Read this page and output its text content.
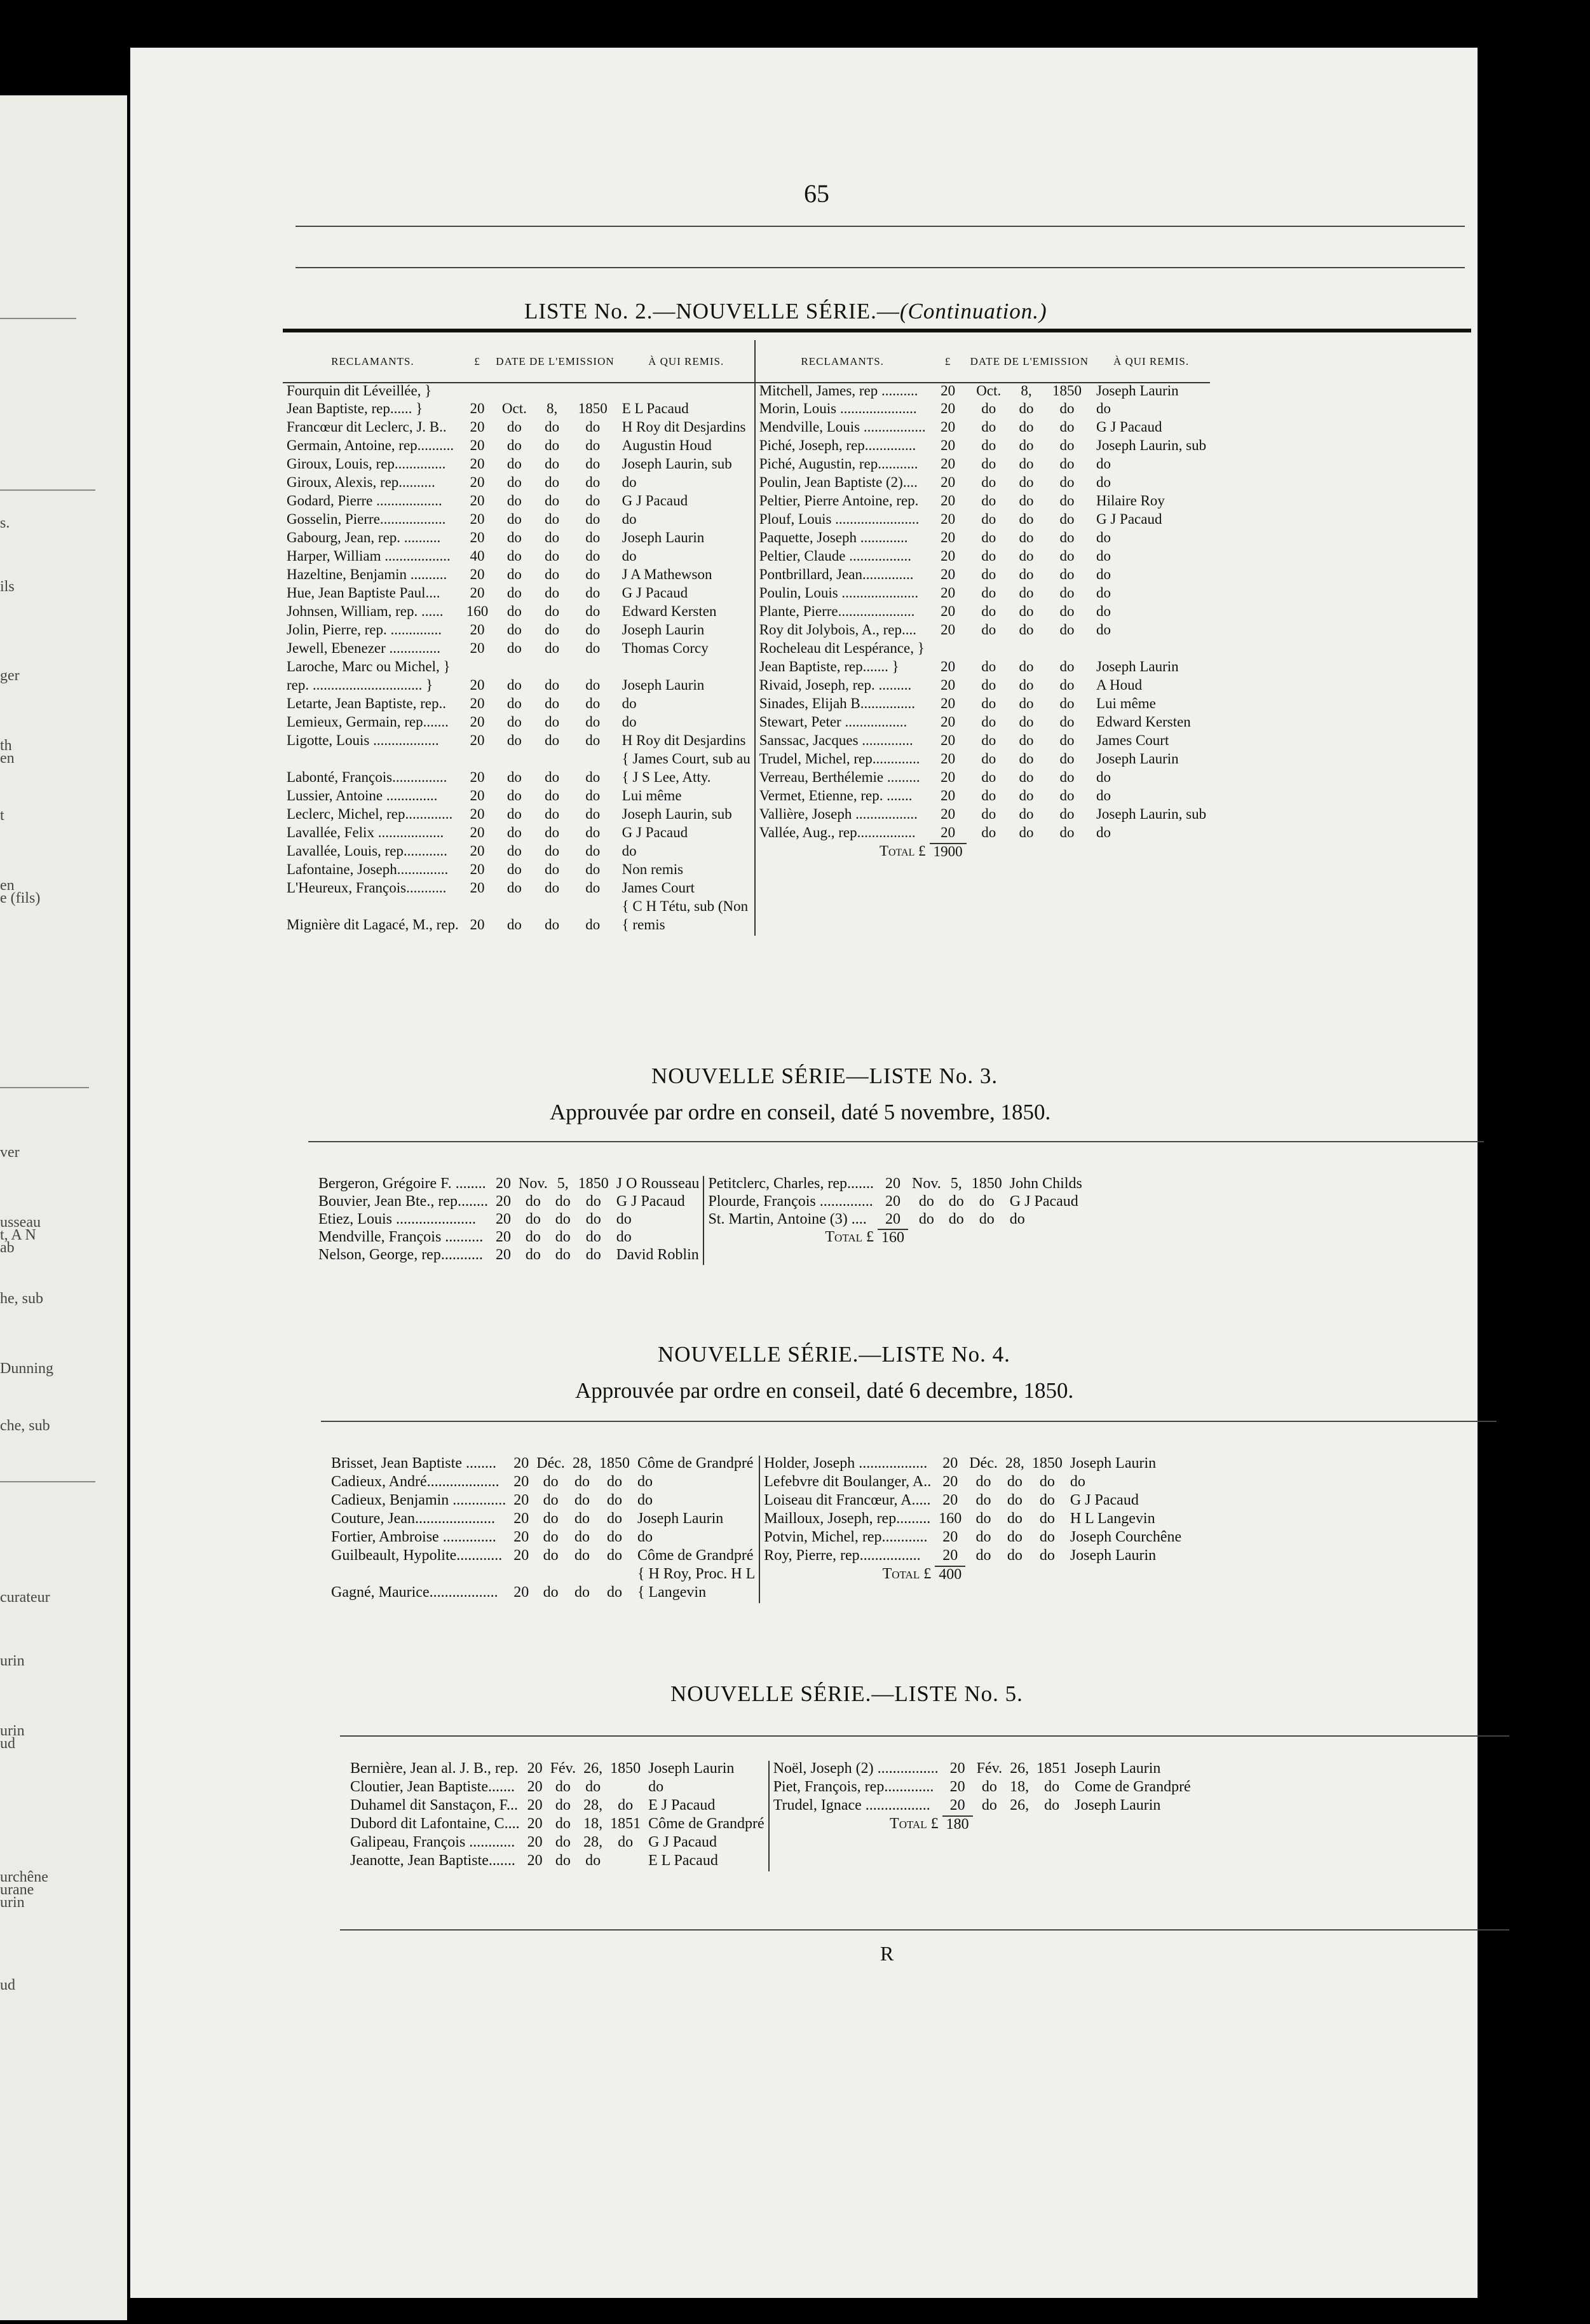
s.
ils
ger
th
en
t
en
e (fils)
ver
usseau
t, A N
ab
he, sub
Dunning
che, sub
curateur
urin
urin
ud
urchêne
urane
urin
ud
65
LISTE No. 2.—NOUVELLE SÉRIE.—(Continuation.)
RECLAMANTS.	£	DATE DE L'EMISSION			À QUI REMIS.	RECLAMANTS.	£	DATE DE L'EMISSION			À QUI REMIS.
Fourquin dit Léveillée, }						Mitchell, James, rep ..........	20	Oct.	8,	1850	Joseph Laurin
Jean Baptiste, rep...... }	20	Oct.	8,	1850	E L Pacaud	Morin, Louis .....................	20	do	do	do	do
Francœur dit Leclerc, J. B..	20	do	do	do	H Roy dit Desjardins	Mendville, Louis .................	20	do	do	do	G J Pacaud
Germain, Antoine, rep..........	20	do	do	do	Augustin Houd	Piché, Joseph, rep..............	20	do	do	do	Joseph Laurin, sub
Giroux, Louis, rep..............	20	do	do	do	Joseph Laurin, sub	Piché, Augustin, rep...........	20	do	do	do	do
Giroux, Alexis, rep..........	20	do	do	do	do	Poulin, Jean Baptiste (2)....	20	do	do	do	do
Godard, Pierre ..................	20	do	do	do	G J Pacaud	Peltier, Pierre Antoine, rep.	20	do	do	do	Hilaire Roy
Gosselin, Pierre..................	20	do	do	do	do	Plouf, Louis .......................	20	do	do	do	G J Pacaud
Gabourg, Jean, rep. ..........	20	do	do	do	Joseph Laurin	Paquette, Joseph .............	20	do	do	do	do
Harper, William ..................	40	do	do	do	do	Peltier, Claude .................	20	do	do	do	do
Hazeltine, Benjamin ..........	20	do	do	do	J A Mathewson	Pontbrillard, Jean..............	20	do	do	do	do
Hue, Jean Baptiste Paul....	20	do	do	do	G J Pacaud	Poulin, Louis .....................	20	do	do	do	do
Johnsen, William, rep. ......	160	do	do	do	Edward Kersten	Plante, Pierre.....................	20	do	do	do	do
Jolin, Pierre, rep. ..............	20	do	do	do	Joseph Laurin	Roy dit Jolybois, A., rep....	20	do	do	do	do
Jewell, Ebenezer ..............	20	do	do	do	Thomas Corcy	Rocheleau dit Lespérance, }					
Laroche, Marc ou Michel, }						Jean Baptiste, rep....... }	20	do	do	do	Joseph Laurin
rep. .............................. }	20	do	do	do	Joseph Laurin	Rivaid, Joseph, rep. .........	20	do	do	do	A Houd
Letarte, Jean Baptiste, rep..	20	do	do	do	do	Sinades, Elijah B...............	20	do	do	do	Lui même
Lemieux, Germain, rep.......	20	do	do	do	do	Stewart, Peter .................	20	do	do	do	Edward Kersten
Ligotte, Louis ..................	20	do	do	do	H Roy dit Desjardins	Sanssac, Jacques ..............	20	do	do	do	James Court
					{ James Court, sub au	Trudel, Michel, rep.............	20	do	do	do	Joseph Laurin
Labonté, François...............	20	do	do	do	{ J S Lee, Atty.	Verreau, Berthélemie .........	20	do	do	do	do
Lussier, Antoine ..............	20	do	do	do	Lui même	Vermet, Etienne, rep. .......	20	do	do	do	do
Leclerc, Michel, rep.............	20	do	do	do	Joseph Laurin, sub	Vallière, Joseph .................	20	do	do	do	Joseph Laurin, sub
Lavallée, Felix ..................	20	do	do	do	G J Pacaud	Vallée, Aug., rep................	20	do	do	do	do
Lavallée, Louis, rep............	20	do	do	do	do	Total £	1900				
Lafontaine, Joseph..............	20	do	do	do	Non remis						
L'Heureux, François...........	20	do	do	do	James Court						
					{ C H Tétu, sub (Non						
Mignière dit Lagacé, M., rep.	20	do	do	do	{ remis						
NOUVELLE SÉRIE—LISTE No. 3.
Approuvée par ordre en conseil, daté 5 novembre, 1850.
Bergeron, Grégoire F. ........	20	Nov.	5,	1850	J O Rousseau	Petitclerc, Charles, rep.......	20	Nov.	5,	1850	John Childs
Bouvier, Jean Bte., rep........	20	do	do	do	G J Pacaud	Plourde, François ..............	20	do	do	do	G J Pacaud
Etiez, Louis .....................	20	do	do	do	do	St. Martin, Antoine (3) ....	20	do	do	do	do
Mendville, François ..........	20	do	do	do	do	Total £	160				
Nelson, George, rep...........	20	do	do	do	David Roblin						
NOUVELLE SÉRIE.—LISTE No. 4.
Approuvée par ordre en conseil, daté 6 decembre, 1850.
Brisset, Jean Baptiste ........	20	Déc.	28,	1850	Côme de Grandpré	Holder, Joseph ..................	20	Déc.	28,	1850	Joseph Laurin
Cadieux, André...................	20	do	do	do	do	Lefebvre dit Boulanger, A..	20	do	do	do	do
Cadieux, Benjamin ..............	20	do	do	do	do	Loiseau dit Francœur, A.....	20	do	do	do	G J Pacaud
Couture, Jean.....................	20	do	do	do	Joseph Laurin	Mailloux, Joseph, rep.........	160	do	do	do	H L Langevin
Fortier, Ambroise ..............	20	do	do	do	do	Potvin, Michel, rep............	20	do	do	do	Joseph Courchêne
Guilbeault, Hypolite............	20	do	do	do	Côme de Grandpré	Roy, Pierre, rep................	20	do	do	do	Joseph Laurin
					{ H Roy, Proc. H L	Total £	400				
Gagné, Maurice..................	20	do	do	do	{ Langevin						
NOUVELLE SÉRIE.—LISTE No. 5.
Bernière, Jean al. J. B., rep.	20	Fév.	26,	1850	Joseph Laurin	Noël, Joseph (2) ................	20	Fév.	26,	1851	Joseph Laurin
Cloutier, Jean Baptiste.......	20	do	do		do	Piet, François, rep.............	20	do	18,	do	Come de Grandpré
Duhamel dit Sanstaçon, F...	20	do	28,	do	E J Pacaud	Trudel, Ignace .................	20	do	26,	do	Joseph Laurin
Dubord dit Lafontaine, C....	20	do	18,	1851	Côme de Grandpré	Total £	180				
Galipeau, François ............	20	do	28,	do	G J Pacaud						
Jeanotte, Jean Baptiste.......	20	do	do		E L Pacaud						
R
